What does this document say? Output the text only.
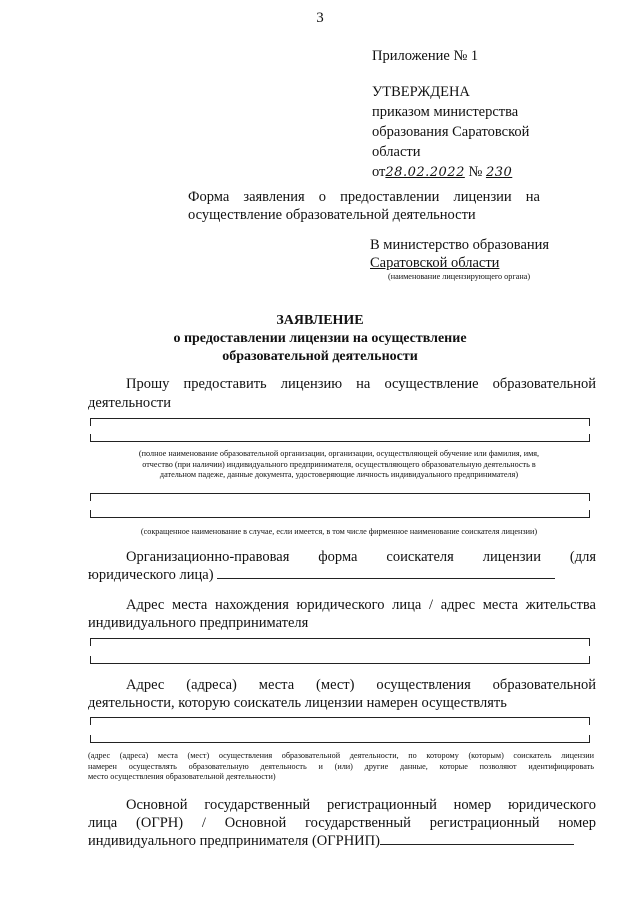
3
Приложение № 1
УТВЕРЖДЕНА
приказом министерства
образования Саратовской
области
от28.02.2022 № 230
Форма заявления о предоставлении лицензии на осуществление образовательной деятельности
В министерство образования
Саратовской области
(наименование лицензирующего органа)
ЗАЯВЛЕНИЕ
о предоставлении лицензии на осуществление
образовательной деятельности
Прошу предоставить лицензию на осуществление образовательной деятельности
(полное наименование образовательной организации, организации, осуществляющей обучение или фамилия, имя,
отчество (при наличии) индивидуального предпринимателя, осуществляющего образовательную деятельность в
дательном падеже, данные документа, удостоверяющие личность индивидуального предпринимателя)
(сокращенное наименование в случае, если имеется, в том числе фирменное наименование соискателя лицензии)
Организационно-правовая форма соискателя лицензии (для
юридического лица)
Адрес места нахождения юридического лица / адрес места жительства
индивидуального предпринимателя
Адрес (адреса) места (мест) осуществления образовательной
деятельности, которую соискатель лицензии намерен осуществлять
(адрес (адреса) места (мест) осуществления образовательной деятельности, по которому (которым) соискатель лицензии
намерен осуществлять образовательную деятельность и (или) другие данные, которые позволяют идентифицировать
место осуществления образовательной деятельности)
Основной государственный регистрационный номер юридического
лица (ОГРН) / Основной государственный регистрационный номер
индивидуального предпринимателя (ОГРНИП)
